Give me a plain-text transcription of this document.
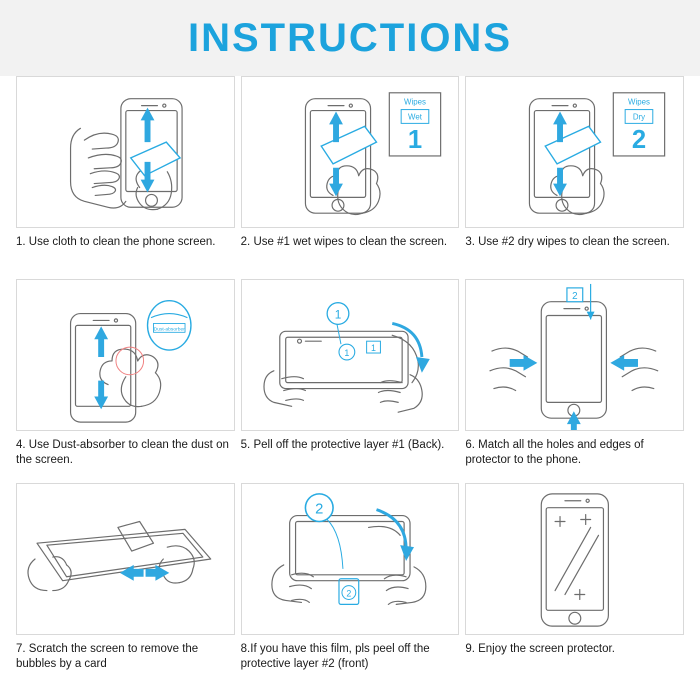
INSTRUCTIONS
1. Use cloth to clean the phone screen.
Wipes
Wet
1
2. Use #1 wet wipes to clean the screen.
Wipes
Dry
2
3. Use #2 dry wipes to clean the screen.
Dust-absorber
4. Use Dust-absorber to clean the dust on the screen.
1
1 1
5. Pell off the protective layer #1 (Back).
2
6. Match all the holes and edges of protector to the phone.
7. Scratch the screen to remove the bubbles by a card
2
2
8.If you have this film, pls peel off the protective layer #2 (front)
9. Enjoy the screen protector.
